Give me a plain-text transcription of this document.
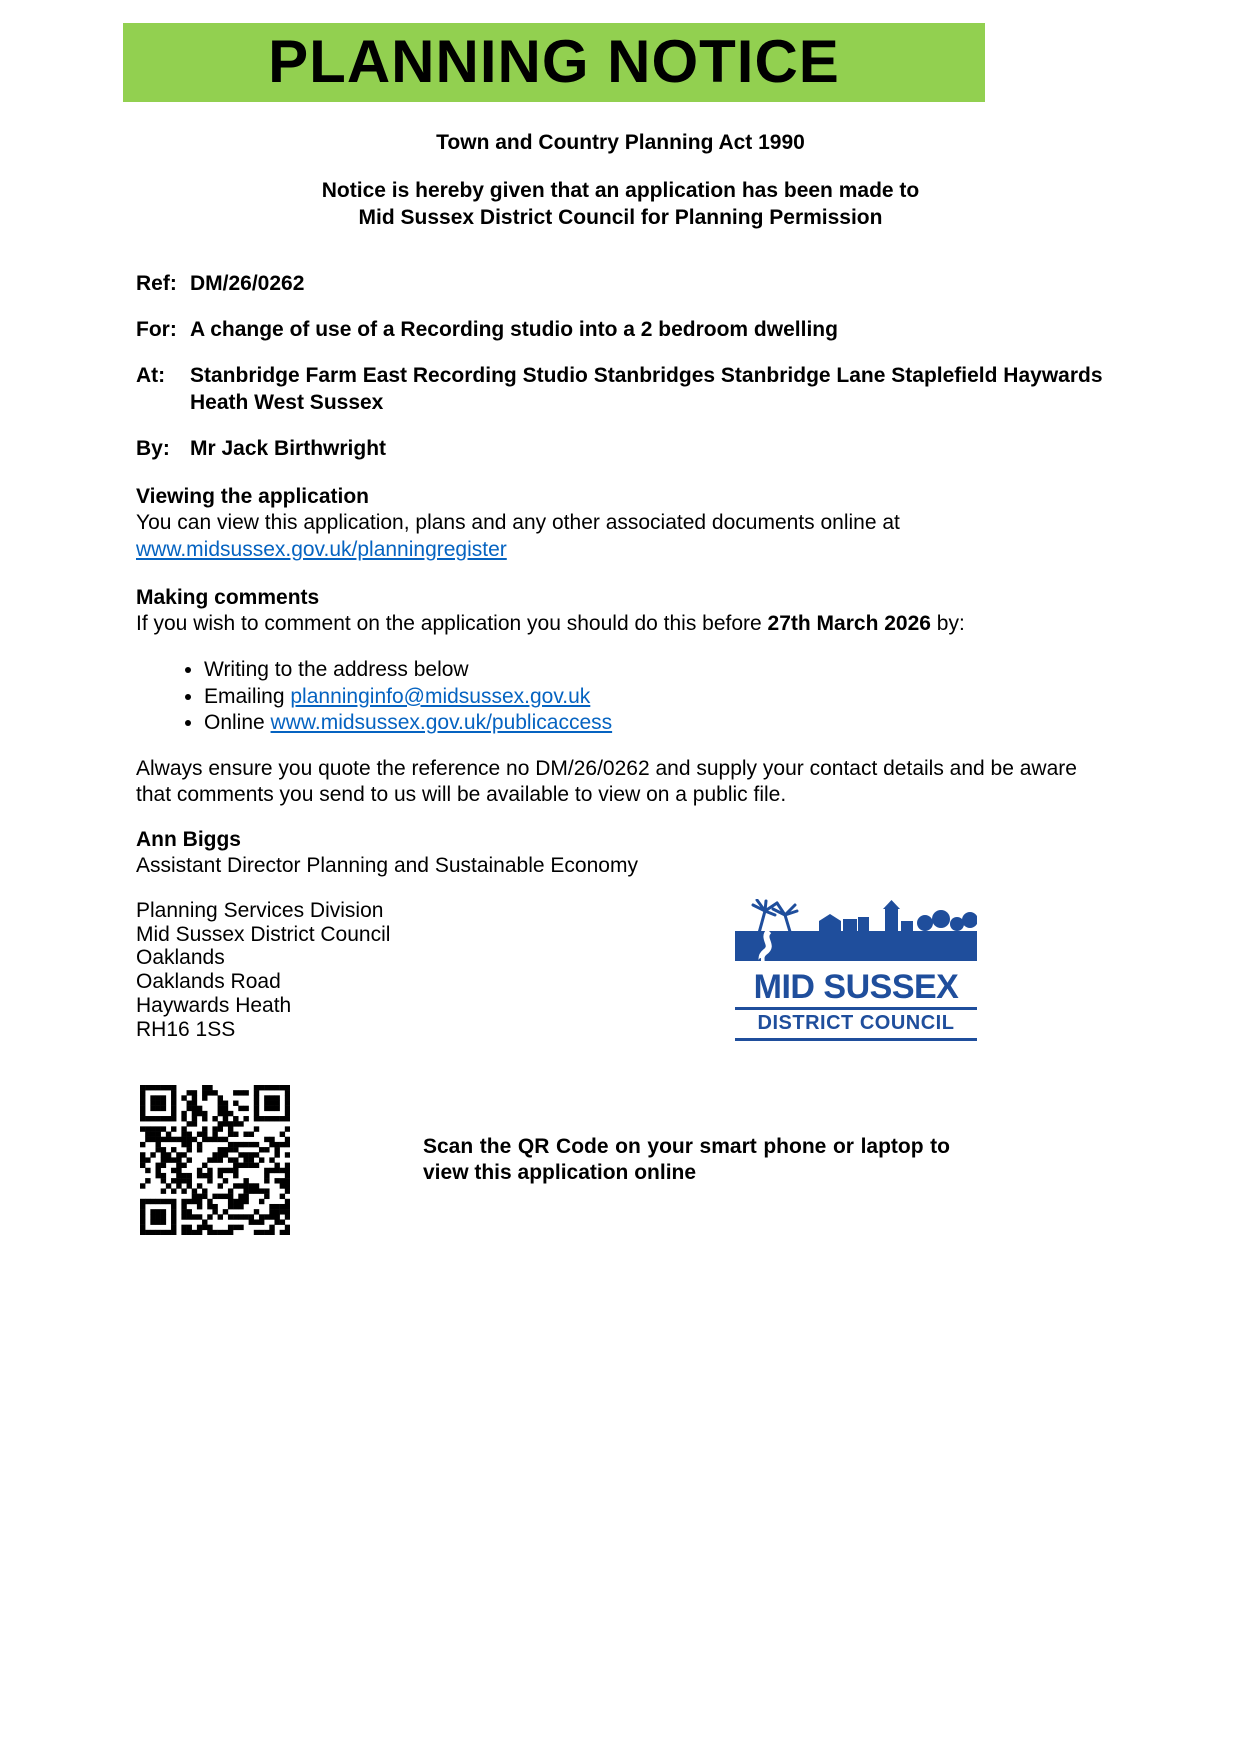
PLANNING NOTICE

Town and Country Planning Act 1990

Notice is hereby given that an application has been made to
Mid Sussex District Council for Planning Permission
Ref: DM/26/0262
For: A change of use of a Recording studio into a 2 bedroom dwelling
At:	Stanbridge Farm East Recording Studio Stanbridges Stanbridge Lane Staplefield Haywards Heath West Sussex
By: Mr Jack Birthwright
Viewing the application
You can view this application, plans and any other associated documents online at
www.midsussex.gov.uk/planningregister
Making comments
If you wish to comment on the application you should do this before 27th March 2026 by:
• Writing to the address below
• Emailing planninginfo@midsussex.gov.uk
• Online www.midsussex.gov.uk/publicaccess

Always ensure you quote the reference no DM/26/0262 and supply your contact details and be aware that comments you send to us will be available to view on a public file.

Ann Biggs
Assistant Director Planning and Sustainable Economy
Planning Services Division
Mid Sussex District Council
Oaklands
Oaklands Road
Haywards Heath
RH16 1SS
MID SUSSEX
DISTRICT COUNCIL
Scan the QR Code on your smart phone or laptop to view this application online
